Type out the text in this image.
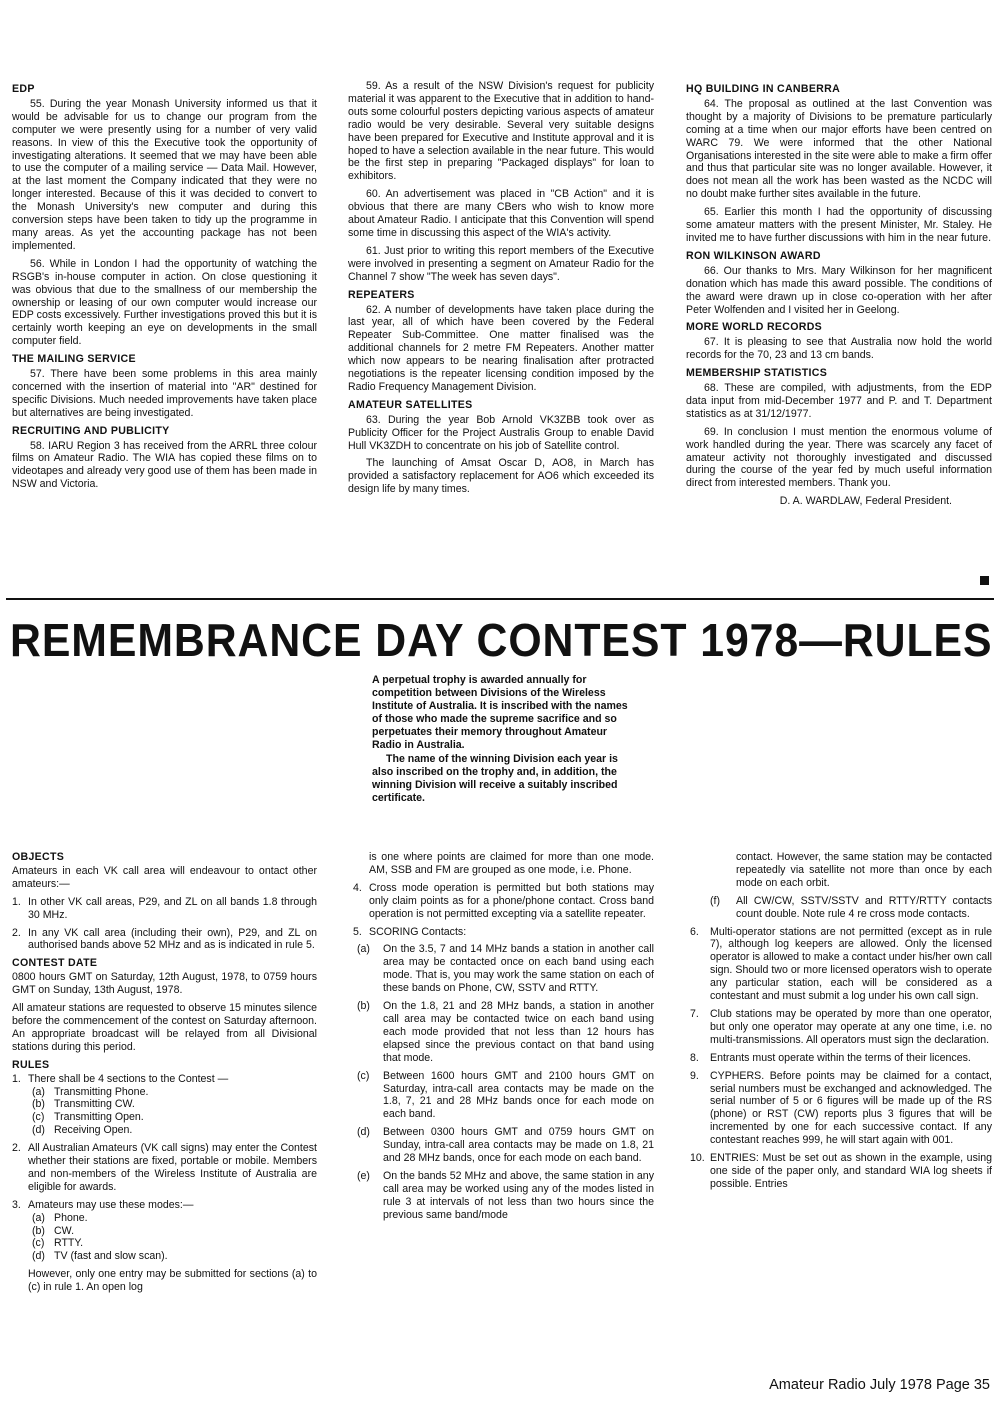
EDP

55. During the year Monash University informed us that it would be advisable for us to change our program from the computer we were presently using for a number of very valid reasons. In view of this the Executive took the opportunity of investigating alterations. It seemed that we may have been able to use the computer of a mailing service — Data Mail. However, at the last moment the Company indicated that they were no longer interested. Because of this it was decided to convert to the Monash University's new computer and during this conversion steps have been taken to tidy up the programme in many areas. As yet the accounting package has not been implemented.

56. While in London I had the opportunity of watching the RSGB's in-house computer in action. On close questioning it was obvious that due to the smallness of our membership the ownership or leasing of our own computer would increase our EDP costs excessively. Further investigations proved this but it is certainly worth keeping an eye on developments in the small computer field.

THE MAILING SERVICE

57. There have been some problems in this area mainly concerned with the insertion of material into "AR" destined for specific Divisions. Much needed improvements have taken place but alternatives are being investigated.

RECRUITING AND PUBLICITY

58. IARU Region 3 has received from the ARRL three colour films on Amateur Radio. The WIA has copied these films on to videotapes and already very good use of them has been made in NSW and Victoria.

59. As a result of the NSW Division's request for publicity material it was apparent to the Executive that in addition to hand-outs some colourful posters depicting various aspects of amateur radio would be very desirable. Several very suitable designs have been prepared for Executive and Institute approval and it is hoped to have a selection available in the near future. This would be the first step in preparing "Packaged displays" for loan to exhibitors.

60. An advertisement was placed in "CB Action" and it is obvious that there are many CBers who wish to know more about Amateur Radio. I anticipate that this Convention will spend some time in discussing this aspect of the WIA's activity.

61. Just prior to writing this report members of the Executive were involved in presenting a segment on Amateur Radio for the Channel 7 show "The week has seven days".

REPEATERS

62. A number of developments have taken place during the last year, all of which have been covered by the Federal Repeater Sub-Committee. One matter finalised was the additional channels for 2 metre FM Repeaters. Another matter which now appears to be nearing finalisation after protracted negotiations is the repeater licensing condition imposed by the Radio Frequency Management Division.

AMATEUR SATELLITES

63. During the year Bob Arnold VK3ZBB took over as Publicity Officer for the Project Australis Group to enable David Hull VK3ZDH to concentrate on his job of Satellite control.

The launching of Amsat Oscar D, AO8, in March has provided a satisfactory replacement for AO6 which exceeded its design life by many times.

HQ BUILDING IN CANBERRA

64. The proposal as outlined at the last Convention was thought by a majority of Divisions to be premature particularly coming at a time when our major efforts have been centred on WARC 79. We were informed that the other National Organisations interested in the site were able to make a firm offer and thus that particular site was no longer available. However, it does not mean all the work has been wasted as the NCDC will no doubt make further sites available in the future.

65. Earlier this month I had the opportunity of discussing some amateur matters with the present Minister, Mr. Staley. He invited me to have further discussions with him in the near future.

RON WILKINSON AWARD

66. Our thanks to Mrs. Mary Wilkinson for her magnificent donation which has made this award possible. The conditions of the award were drawn up in close co-operation with her after Peter Wolfenden and I visited her in Geelong.

MORE WORLD RECORDS

67. It is pleasing to see that Australia now hold the world records for the 70, 23 and 13 cm bands.

MEMBERSHIP STATISTICS

68. These are compiled, with adjustments, from the EDP data input from mid-December 1977 and P. and T. Department statistics as at 31/12/1977.

69. In conclusion I must mention the enormous volume of work handled during the year. There was scarcely any facet of amateur activity not thoroughly investigated and discussed during the course of the year fed by much useful information direct from interested members. Thank you.

D. A. WARDLAW, Federal President.

REMEMBRANCE DAY CONTEST 1978—RULES

A perpetual trophy is awarded annually for competition between Divisions of the Wireless Institute of Australia. It is inscribed with the names of those who made the supreme sacrifice and so perpetuates their memory throughout Amateur Radio in Australia.

The name of the winning Division each year is also inscribed on the trophy and, in addition, the winning Division will receive a suitably inscribed certificate.

OBJECTS

Amateurs in each VK call area will endeavour to ontact other amateurs:—

1. In other VK call areas, P29, and ZL on all bands 1.8 through 30 MHz.
2. In any VK call area (including their own), P29, and ZL on authorised bands above 52 MHz and as is indicated in rule 5.
CONTEST DATE

0800 hours GMT on Saturday, 12th August, 1978, to 0759 hours GMT on Sunday, 13th August, 1978.

All amateur stations are requested to observe 15 minutes silence before the commencement of the contest on Saturday afternoon. An appropriate broadcast will be relayed from all Divisional stations during this period.

RULES
1. There shall be 4 sections to the Contest —
(a) Transmitting Phone.
(b) Transmitting CW.
(c) Transmitting Open.
(d) Receiving Open.
2. All Australian Amateurs (VK call signs) may enter the Contest whether their stations are fixed, portable or mobile. Members and non-members of the Wireless Institute of Australia are eligible for awards.
3. Amateurs may use these modes:—
(a) Phone.
(b) CW.
(c) RTTY.
(d) TV (fast and slow scan).
However, only one entry may be submitted for sections (a) to (c) in rule 1. An open log
is one where points are claimed for more than one mode. AM, SSB and FM are grouped as one mode, i.e. Phone.
4. Cross mode operation is permitted but both stations may only claim points as for a phone/phone contact. Cross band operation is not permitted excepting via a satellite repeater.
5. SCORING Contacts:
(a)	On the 3.5, 7 and 14 MHz bands a station in another call area may be contacted once on each band using each mode. That is, you may work the same station on each of these bands on Phone, CW, SSTV and RTTY.
(b)	On the 1.8, 21 and 28 MHz bands, a station in another call area may be contacted twice on each band using each mode provided that not less than 12 hours has elapsed since the previous contact on that band using that mode.
(c)	Between 1600 hours GMT and 2100 hours GMT on Saturday, intra-call area contacts may be made on the 1.8, 7, 21 and 28 MHz bands once for each mode on each band.
(d)	Between 0300 hours GMT and 0759 hours GMT on Sunday, intra-call area contacts may be made on 1.8, 21 and 28 MHz bands, once for each mode on each band.
(e)	On the bands 52 MHz and above, the same station in any call area may be worked using any of the modes listed in rule 3 at intervals of not less than two hours since the previous same band/mode
contact. However, the same station may be contacted repeatedly via satellite not more than once by each mode on each orbit.
(f)	All CW/CW, SSTV/SSTV and RTTY/RTTY contacts count double. Note rule 4 re cross mode contacts.
6.	Multi-operator stations are not permitted (except as in rule 7), although log keepers are allowed. Only the licensed operator is allowed to make a contact under his/her own call sign. Should two or more licensed operators wish to operate any particular station, each will be considered as a contestant and must submit a log under his own call sign.
7.	Club stations may be operated by more than one operator, but only one operator may operate at any one time, i.e. no multi-transmissions. All operators must sign the declaration.
8.	Entrants must operate within the terms of their licences.
9.	CYPHERS. Before points may be claimed for a contact, serial numbers must be exchanged and acknowledged. The serial number of 5 or 6 figures will be made up of the RS (phone) or RST (CW) reports plus 3 figures that will be incremented by one for each successive contact. If any contestant reaches 999, he will start again with 001.
10. ENTRIES: Must be set out as shown in the example, using one side of the paper only, and standard WIA log sheets if possible. Entries
Amateur Radio July 1978 Page 35
